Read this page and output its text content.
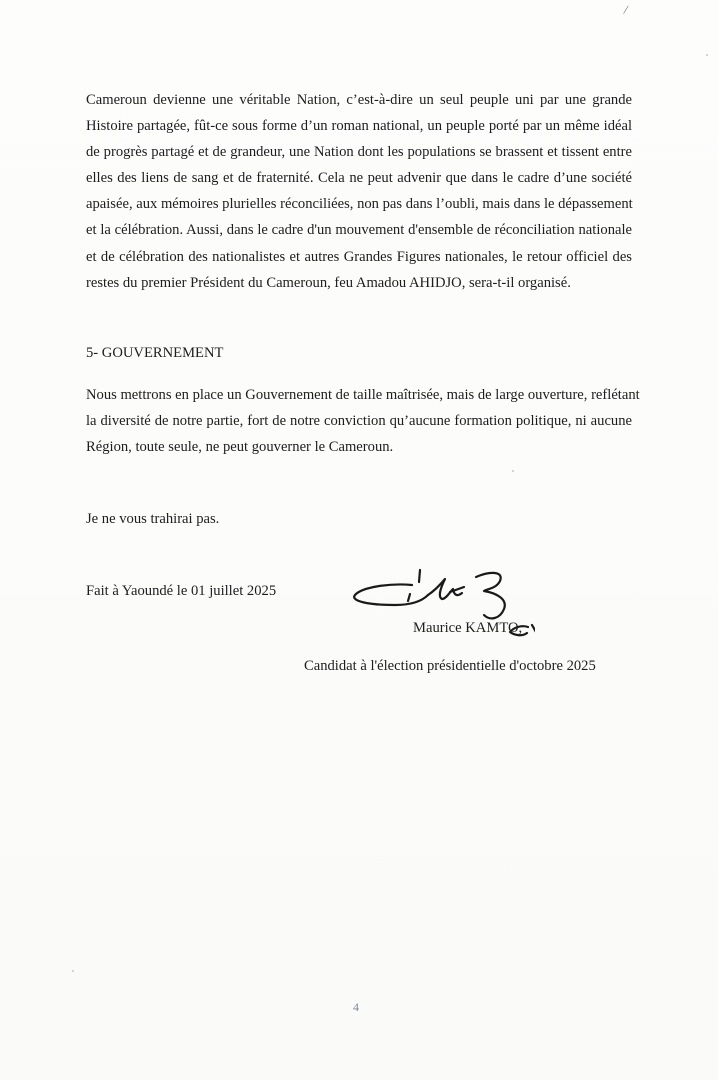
/
Cameroun devienne une véritable Nation, c’est-à-dire un seul peuple uni par une grande
Histoire partagée, fût-ce sous forme d’un roman national, un peuple porté par un même idéal
de progrès partagé et de grandeur, une Nation dont les populations se brassent et tissent entre
elles des liens de sang et de fraternité. Cela ne peut advenir que dans le cadre d’une société
apaisée, aux mémoires plurielles réconciliées, non pas dans l’oubli, mais dans le dépassement
et la célébration. Aussi, dans le cadre d'un mouvement d'ensemble de réconciliation nationale
et de célébration des nationalistes et autres Grandes Figures nationales, le retour officiel des
restes du premier Président du Cameroun, feu Amadou AHIDJO, sera-t-il organisé.
5- GOUVERNEMENT
Nous mettrons en place un Gouvernement de taille maîtrisée, mais de large ouverture, reflétant
la diversité de notre partie, fort de notre conviction qu’aucune formation politique, ni aucune
Région, toute seule, ne peut gouverner le Cameroun.

Je ne vous trahirai pas.

Fait à Yaoundé le 01 juillet 2025

Maurice KAMTO,
Candidat à l'élection présidentielle d'octobre 2025
4
